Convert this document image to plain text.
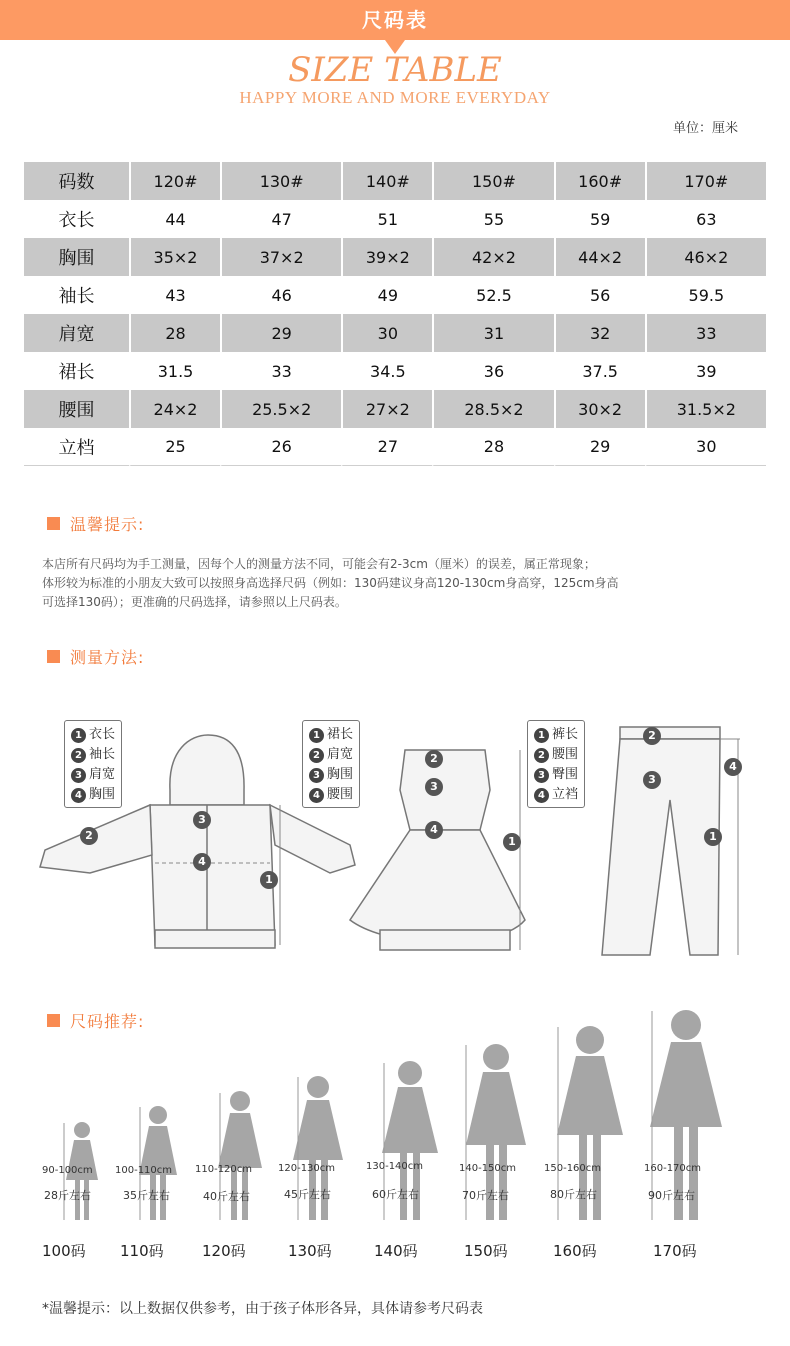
尺码表
SIZE TABLE
HAPPY MORE AND MORE EVERYDAY
单位：厘米
码数	120#	130#	140#	150#	160#	170#
衣长	44	47	51	55	59	63
胸围	35×2	37×2	39×2	42×2	44×2	46×2
袖长	43	46	49	52.5	56	59.5
肩宽	28	29	30	31	32	33
裙长	31.5	33	34.5	36	37.5	39
腰围	24×2	25.5×2	27×2	28.5×2	30×2	31.5×2
立档	25	26	27	28	29	30
温馨提示:
本店所有尺码均为手工测量，因每个人的测量方法不同，可能会有2-3cm（厘米）的误差，属正常现象；
体形较为标准的小朋友大致可以按照身高选择尺码（例如：130码建议身高120-130cm身高穿，125cm身高
可选择130码）；更准确的尺码选择，请参照以上尺码表。
测量方法:
1 衣长
2 袖长
3 肩宽
4 胸围
1 裙长
2 肩宽
3 胸围
4 腰围
1 裤长
2 腰围
3 臀围
4 立裆
1
2
3
4
1
2
3
4
1
2
3
4
尺码推荐:
90-100cm
28斤左右
100码
100-110cm
35斤左右
110码
110-120cm
40斤左右
120码
120-130cm
45斤左右
130码
130-140cm
60斤左右
140码
140-150cm
70斤左右
150码
150-160cm
80斤左右
160码
160-170cm
90斤左右
170码
*温馨提示：以上数据仅供参考，由于孩子体形各异，具体请参考尺码表
